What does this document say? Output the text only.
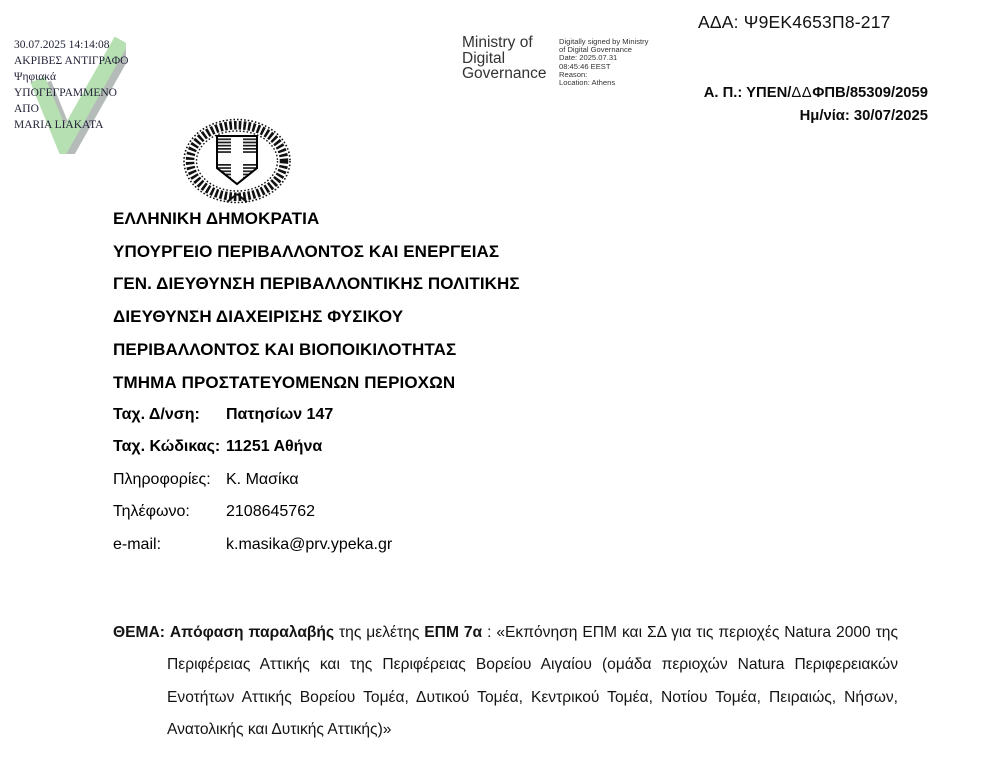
30.07.2025 14:14:08
ΑΚΡΙΒΕΣ ΑΝΤΙΓΡΑΦΟ
Ψηφιακά
ΥΠΟΓΕΓΡΑΜΜΕΝΟ
ΑΠΟ
MARIA LIAKATA
Ministry of
Digital
Governance
Digitally signed by Ministry
of Digital Governance
Date: 2025.07.31
08:45:46 EEST
Reason:
Location: Athens
ΑΔΑ: Ψ9ΕΚ4653Π8-217
Α. Π.: ΥΠΕΝ/ΔΔΦΠΒ/85309/2059
Ημ/νία: 30/07/2025
ΕΛΛΗΝΙΚΗ ΔΗΜΟΚΡΑΤΙΑ
ΥΠΟΥΡΓΕΙΟ ΠΕΡΙΒΑΛΛΟΝΤΟΣ ΚΑΙ ΕΝΕΡΓΕΙΑΣ
ΓΕΝ. ΔΙΕΥΘΥΝΣΗ ΠΕΡΙΒΑΛΛΟΝΤΙΚΗΣ ΠΟΛΙΤΙΚΗΣ
ΔΙΕΥΘΥΝΣΗ ΔΙΑΧΕΙΡΙΣΗΣ ΦΥΣΙΚΟΥ
ΠΕΡΙΒΑΛΛΟΝΤΟΣ ΚΑΙ ΒΙΟΠΟΙΚΙΛΟΤΗΤΑΣ
ΤΜΗΜΑ ΠΡΟΣΤΑΤΕΥΟΜΕΝΩΝ ΠΕΡΙΟΧΩΝ
Ταχ. Δ/νση: Πατησίων 147
Ταχ. Κώδικας: 11251 Αθήνα
Πληροφορίες: Κ. Μασίκα
Τηλέφωνο: 2108645762
e-mail:	k.masika@prv.ypeka.gr
ΘΕΜΑ: Απόφαση παραλαβής της μελέτης ΕΠΜ 7α : «Εκπόνηση ΕΠΜ και ΣΔ για τις περιοχές Natura 2000 της Περιφέρειας Αττικής και της Περιφέρειας Βορείου Αιγαίου (ομάδα περιοχών Natura Περιφερειακών Ενοτήτων Αττικής Βορείου Τομέα, Δυτικού Τομέα, Κεντρικού Τομέα, Νοτίου Τομέα, Πειραιώς, Νήσων, Ανατολικής και Δυτικής Αττικής)»
